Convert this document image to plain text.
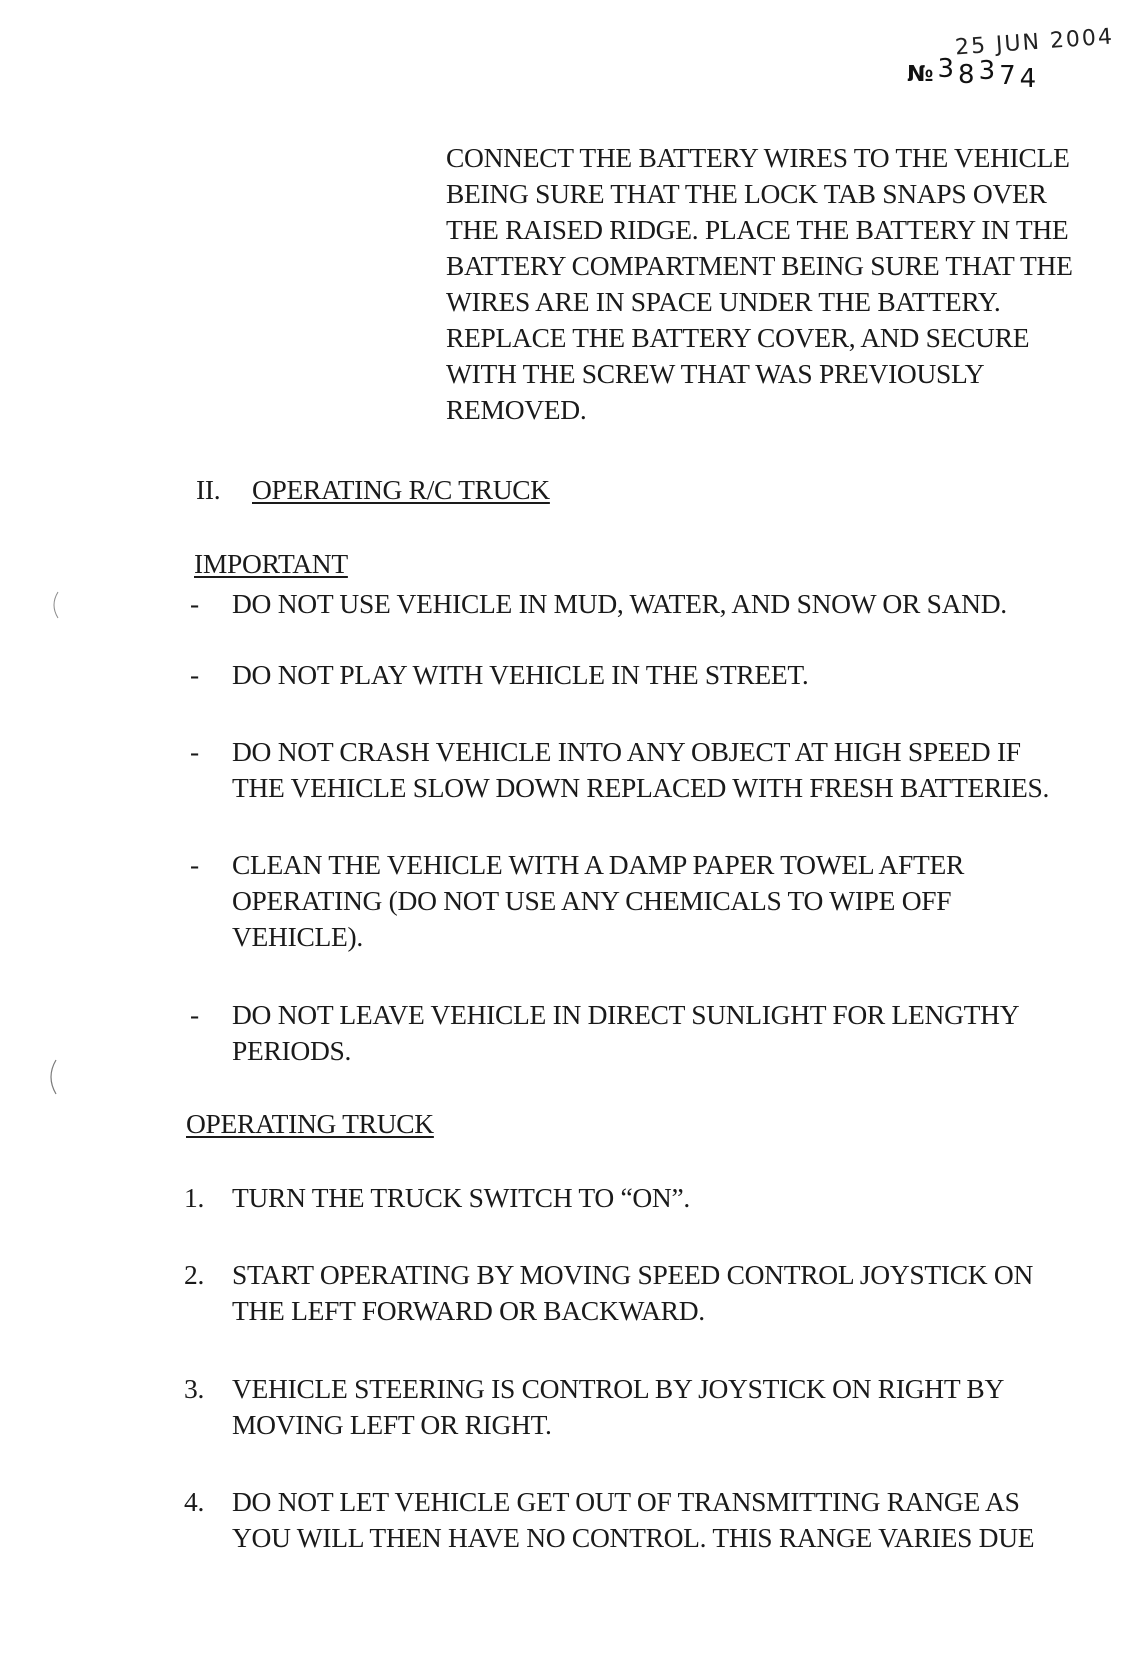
25 JUN 2004
№ 38374
CONNECT THE BATTERY WIRES TO THE VEHICLE
BEING SURE THAT THE LOCK TAB SNAPS OVER
THE RAISED RIDGE. PLACE THE BATTERY IN THE
BATTERY COMPARTMENT BEING SURE THAT THE
WIRES ARE IN SPACE UNDER THE BATTERY.
REPLACE THE BATTERY COVER, AND SECURE
WITH THE SCREW THAT WAS PREVIOUSLY
REMOVED.
II. OPERATING R/C TRUCK
IMPORTANT
- DO NOT USE VEHICLE IN MUD, WATER, AND SNOW OR SAND.
- DO NOT PLAY WITH VEHICLE IN THE STREET.
- DO NOT CRASH VEHICLE INTO ANY OBJECT AT HIGH SPEED IF
THE VEHICLE SLOW DOWN REPLACED WITH FRESH BATTERIES.
- CLEAN THE VEHICLE WITH A DAMP PAPER TOWEL AFTER
OPERATING (DO NOT USE ANY CHEMICALS TO WIPE OFF
VEHICLE).
- DO NOT LEAVE VEHICLE IN DIRECT SUNLIGHT FOR LENGTHY
PERIODS.
OPERATING TRUCK
1. TURN THE TRUCK SWITCH TO “ON”.
2. START OPERATING BY MOVING SPEED CONTROL JOYSTICK ON
THE LEFT FORWARD OR BACKWARD.
3. VEHICLE STEERING IS CONTROL BY JOYSTICK ON RIGHT BY
MOVING LEFT OR RIGHT.
4. DO NOT LET VEHICLE GET OUT OF TRANSMITTING RANGE AS
YOU WILL THEN HAVE NO CONTROL. THIS RANGE VARIES DUE
